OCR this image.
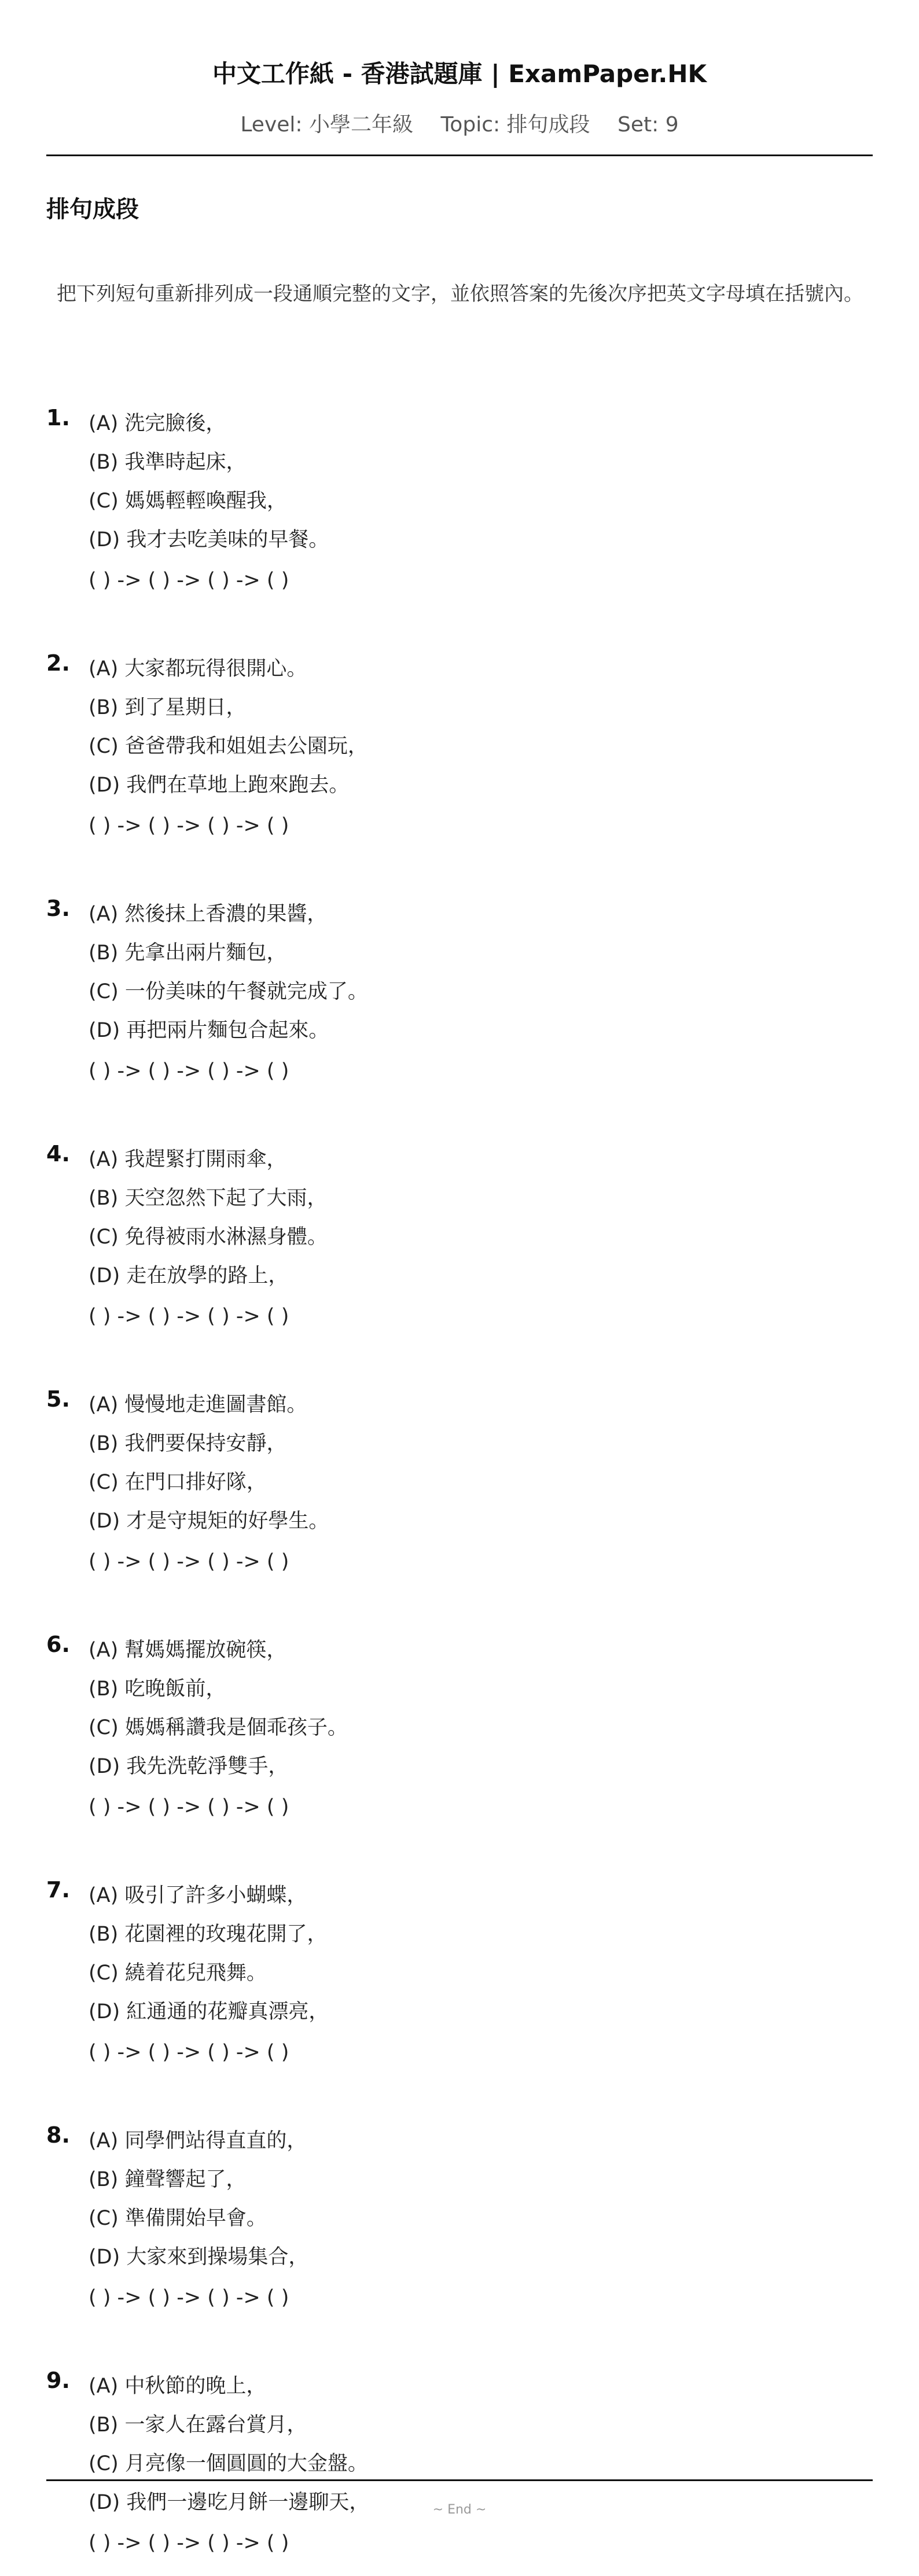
中文工作紙 - 香港試題庫 | ExamPaper.HK
Level: 小學二年級 Topic: 排句成段 Set: 9
排句成段
把下列短句重新排列成一段通順完整的文字，並依照答案的先後次序把英文字母填在括號內。
1. (A) 洗完臉後，
(B) 我準時起床，
(C) 媽媽輕輕喚醒我，
(D) 我才去吃美味的早餐。
( ) -> ( ) -> ( ) -> ( )
2. (A) 大家都玩得很開心。
(B) 到了星期日，
(C) 爸爸帶我和姐姐去公園玩，
(D) 我們在草地上跑來跑去。
( ) -> ( ) -> ( ) -> ( )
3. (A) 然後抹上香濃的果醬，
(B) 先拿出兩片麵包，
(C) 一份美味的午餐就完成了。
(D) 再把兩片麵包合起來。
( ) -> ( ) -> ( ) -> ( )
4. (A) 我趕緊打開雨傘，
(B) 天空忽然下起了大雨，
(C) 免得被雨水淋濕身體。
(D) 走在放學的路上，
( ) -> ( ) -> ( ) -> ( )
5. (A) 慢慢地走進圖書館。
(B) 我們要保持安靜，
(C) 在門口排好隊，
(D) 才是守規矩的好學生。
( ) -> ( ) -> ( ) -> ( )
6. (A) 幫媽媽擺放碗筷，
(B) 吃晚飯前，
(C) 媽媽稱讚我是個乖孩子。
(D) 我先洗乾淨雙手，
( ) -> ( ) -> ( ) -> ( )
7. (A) 吸引了許多小蝴蝶，
(B) 花園裡的玫瑰花開了，
(C) 繞着花兒飛舞。
(D) 紅通通的花瓣真漂亮，
( ) -> ( ) -> ( ) -> ( )
8. (A) 同學們站得直直的，
(B) 鐘聲響起了，
(C) 準備開始早會。
(D) 大家來到操場集合，
( ) -> ( ) -> ( ) -> ( )
9. (A) 中秋節的晚上，
(B) 一家人在露台賞月，
(C) 月亮像一個圓圓的大金盤。
(D) 我們一邊吃月餅一邊聊天，
( ) -> ( ) -> ( ) -> ( )
~ End ~
